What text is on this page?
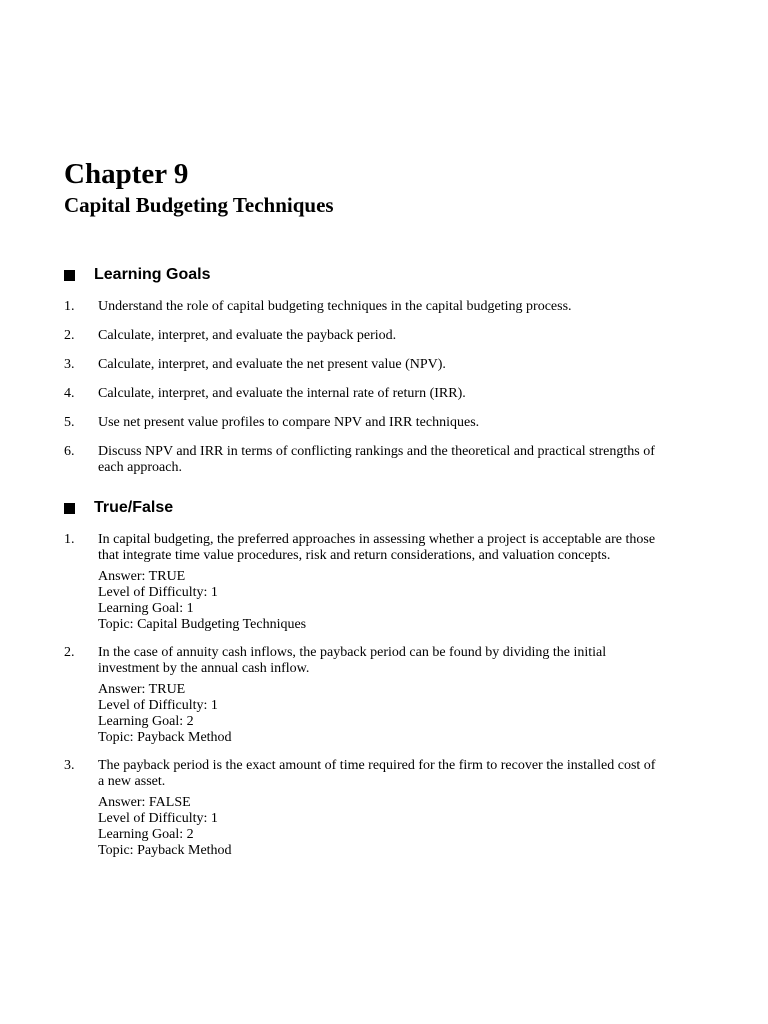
Chapter 9
Capital Budgeting Techniques
Learning Goals
1.	Understand the role of capital budgeting techniques in the capital budgeting process.
2.	Calculate, interpret, and evaluate the payback period.
3.	Calculate, interpret, and evaluate the net present value (NPV).
4.	Calculate, interpret, and evaluate the internal rate of return (IRR).
5.	Use net present value profiles to compare NPV and IRR techniques.
6.	Discuss NPV and IRR in terms of conflicting rankings and the theoretical and practical strengths of each approach.
True/False
1.	In capital budgeting, the preferred approaches in assessing whether a project is acceptable are those that integrate time value procedures, risk and return considerations, and valuation concepts.
Answer: TRUE
Level of Difficulty: 1
Learning Goal: 1
Topic: Capital Budgeting Techniques
2.	In the case of annuity cash inflows, the payback period can be found by dividing the initial investment by the annual cash inflow.
Answer: TRUE
Level of Difficulty: 1
Learning Goal: 2
Topic: Payback Method
3.	The payback period is the exact amount of time required for the firm to recover the installed cost of a new asset.
Answer: FALSE
Level of Difficulty: 1
Learning Goal: 2
Topic: Payback Method
